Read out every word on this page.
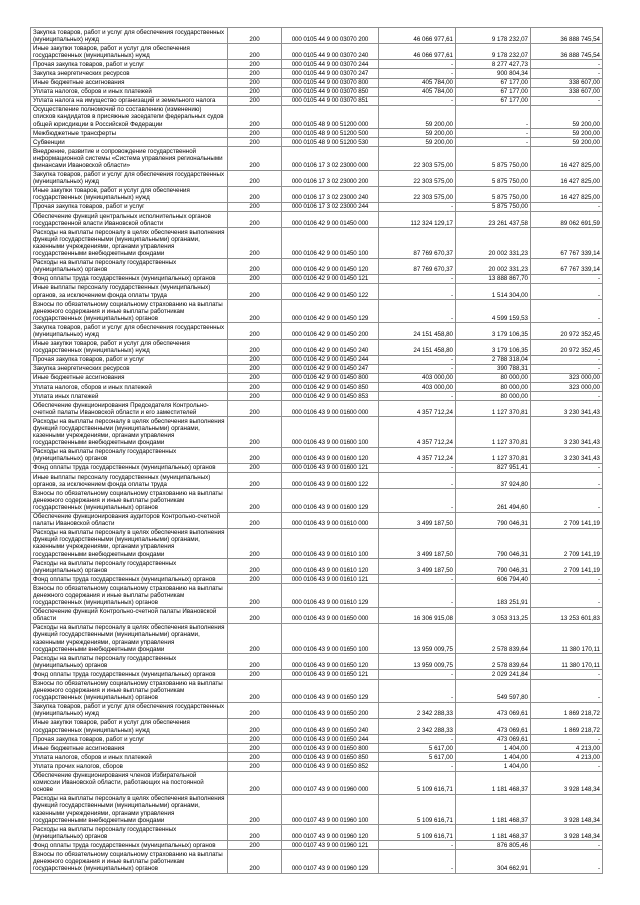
Закупка товаров, работ и услуг для обеспечения государственных (муниципальных) нужд	200	000 0105 44 9 00 03070 200	46 066 977,61	9 178 232,07	36 888 745,54
Иные закупки товаров, работ и услуг для обеспечения государственных (муниципальных) нужд	200	000 0105 44 9 00 03070 240	46 066 977,61	9 178 232,07	36 888 745,54
Прочая закупка товаров, работ и услуг	200	000 0105 44 9 00 03070 244	-	8 277 427,73	-
Закупка энергетических ресурсов	200	000 0105 44 9 00 03070 247	-	900 804,34	-
Иные бюджетные ассигнования	200	000 0105 44 9 00 03070 800	405 784,00	67 177,00	338 607,00
Уплата налогов, сборов и иных платежей	200	000 0105 44 9 00 03070 850	405 784,00	67 177,00	338 607,00
Уплата налога на имущество организаций и земельного налога	200	000 0105 44 9 00 03070 851	-	67 177,00	-
Осуществление полномочий по составлению (изменению) списков кандидатов в присяжные заседатели федеральных судов общей юрисдикции в Российской Федерации	200	000 0105 48 9 00 51200 000	59 200,00	-	59 200,00
Межбюджетные трансферты	200	000 0105 48 9 00 51200 500	59 200,00	-	59 200,00
Субвенции	200	000 0105 48 9 00 51200 530	59 200,00	-	59 200,00
Внедрение, развитие и сопровождение государственной информационной системы «Система управления региональными финансами Ивановской области»	200	000 0106 17 3 02 23000 000	22 303 575,00	5 875 750,00	16 427 825,00
Закупка товаров, работ и услуг для обеспечения государственных (муниципальных) нужд	200	000 0106 17 3 02 23000 200	22 303 575,00	5 875 750,00	16 427 825,00
Иные закупки товаров, работ и услуг для обеспечения государственных (муниципальных) нужд	200	000 0106 17 3 02 23000 240	22 303 575,00	5 875 750,00	16 427 825,00
Прочая закупка товаров, работ и услуг	200	000 0106 17 3 02 23000 244	-	5 875 750,00	-
Обеспечение функций центральных исполнительных органов государственной власти Ивановской области	200	000 0106 42 9 00 01450 000	112 324 129,17	23 261 437,58	89 062 691,59
Расходы на выплаты персоналу в целях обеспечения выполнения функций государственными (муниципальными) органами, казенными учреждениями, органами управления государственными внебюджетными фондами	200	000 0106 42 9 00 01450 100	87 769 670,37	20 002 331,23	67 767 339,14
Расходы на выплаты персоналу государственных (муниципальных) органов	200	000 0106 42 9 00 01450 120	87 769 670,37	20 002 331,23	67 767 339,14
Фонд оплаты труда государственных (муниципальных) органов	200	000 0106 42 9 00 01450 121	-	13 888 867,70	-
Иные выплаты персоналу государственных (муниципальных) органов, за исключением фонда оплаты труда	200	000 0106 42 9 00 01450 122	-	1 514 304,00	-
Взносы по обязательному социальному страхованию на выплаты денежного содержания и иные выплаты работникам государственных (муниципальных) органов	200	000 0106 42 9 00 01450 129	-	4 599 159,53	-
Закупка товаров, работ и услуг для обеспечения государственных (муниципальных) нужд	200	000 0106 42 9 00 01450 200	24 151 458,80	3 179 106,35	20 972 352,45
Иные закупки товаров, работ и услуг для обеспечения государственных (муниципальных) нужд	200	000 0106 42 9 00 01450 240	24 151 458,80	3 179 106,35	20 972 352,45
Прочая закупка товаров, работ и услуг	200	000 0106 42 9 00 01450 244	-	2 788 318,04	-
Закупка энергетических ресурсов	200	000 0106 42 9 00 01450 247	-	390 788,31	-
Иные бюджетные ассигнования	200	000 0106 42 9 00 01450 800	403 000,00	80 000,00	323 000,00
Уплата налогов, сборов и иных платежей	200	000 0106 42 9 00 01450 850	403 000,00	80 000,00	323 000,00
Уплата иных платежей	200	000 0106 42 9 00 01450 853	-	80 000,00	-
Обеспечение функционирования Председателя Контрольно-счетной палаты Ивановской области и его заместителей	200	000 0106 43 9 00 01600 000	4 357 712,24	1 127 370,81	3 230 341,43
Расходы на выплаты персоналу в целях обеспечения выполнения функций государственными (муниципальными) органами, казенными учреждениями, органами управления государственными внебюджетными фондами	200	000 0106 43 9 00 01600 100	4 357 712,24	1 127 370,81	3 230 341,43
Расходы на выплаты персоналу государственных (муниципальных) органов	200	000 0106 43 9 00 01600 120	4 357 712,24	1 127 370,81	3 230 341,43
Фонд оплаты труда государственных (муниципальных) органов	200	000 0106 43 9 00 01600 121	-	827 951,41	-
Иные выплаты персоналу государственных (муниципальных) органов, за исключением фонда оплаты труда	200	000 0106 43 9 00 01600 122	-	37 924,80	-
Взносы по обязательному социальному страхованию на выплаты денежного содержания и иные выплаты работникам государственных (муниципальных) органов	200	000 0106 43 9 00 01600 129	-	261 494,60	-
Обеспечение функционирования аудиторов Контрольно-счетной палаты Ивановской области	200	000 0106 43 9 00 01610 000	3 499 187,50	790 046,31	2 709 141,19
Расходы на выплаты персоналу в целях обеспечения выполнения функций государственными (муниципальными) органами, казенными учреждениями, органами управления государственными внебюджетными фондами	200	000 0106 43 9 00 01610 100	3 499 187,50	790 046,31	2 709 141,19
Расходы на выплаты персоналу государственных (муниципальных) органов	200	000 0106 43 9 00 01610 120	3 499 187,50	790 046,31	2 709 141,19
Фонд оплаты труда государственных (муниципальных) органов	200	000 0106 43 9 00 01610 121	-	606 794,40	-
Взносы по обязательному социальному страхованию на выплаты денежного содержания и иные выплаты работникам государственных (муниципальных) органов	200	000 0106 43 9 00 01610 129	-	183 251,91	-
Обеспечение функций Контрольно-счетной палаты Ивановской области	200	000 0106 43 9 00 01650 000	16 306 915,08	3 053 313,25	13 253 601,83
Расходы на выплаты персоналу в целях обеспечения выполнения функций государственными (муниципальными) органами, казенными учреждениями, органами управления государственными внебюджетными фондами	200	000 0106 43 9 00 01650 100	13 959 009,75	2 578 839,64	11 380 170,11
Расходы на выплаты персоналу государственных (муниципальных) органов	200	000 0106 43 9 00 01650 120	13 959 009,75	2 578 839,64	11 380 170,11
Фонд оплаты труда государственных (муниципальных) органов	200	000 0106 43 9 00 01650 121	-	2 029 241,84	-
Взносы по обязательному социальному страхованию на выплаты денежного содержания и иные выплаты работникам государственных (муниципальных) органов	200	000 0106 43 9 00 01650 129	-	549 597,80	-
Закупка товаров, работ и услуг для обеспечения государственных (муниципальных) нужд	200	000 0106 43 9 00 01650 200	2 342 288,33	473 069,61	1 869 218,72
Иные закупки товаров, работ и услуг для обеспечения государственных (муниципальных) нужд	200	000 0106 43 9 00 01650 240	2 342 288,33	473 069,61	1 869 218,72
Прочая закупка товаров, работ и услуг	200	000 0106 43 9 00 01650 244	-	473 069,61	-
Иные бюджетные ассигнования	200	000 0106 43 9 00 01650 800	5 617,00	1 404,00	4 213,00
Уплата налогов, сборов и иных платежей	200	000 0106 43 9 00 01650 850	5 617,00	1 404,00	4 213,00
Уплата прочих налогов, сборов	200	000 0106 43 9 00 01650 852	-	1 404,00	-
Обеспечение функционирования членов Избирательной комиссии Ивановской области, работающих на постоянной основе	200	000 0107 43 9 00 01960 000	5 109 616,71	1 181 468,37	3 928 148,34
Расходы на выплаты персоналу в целях обеспечения выполнения функций государственными (муниципальными) органами, казенными учреждениями, органами управления государственными внебюджетными фондами	200	000 0107 43 9 00 01960 100	5 109 616,71	1 181 468,37	3 928 148,34
Расходы на выплаты персоналу государственных (муниципальных) органов	200	000 0107 43 9 00 01960 120	5 109 616,71	1 181 468,37	3 928 148,34
Фонд оплаты труда государственных (муниципальных) органов	200	000 0107 43 9 00 01960 121	-	876 805,46	-
Взносы по обязательному социальному страхованию на выплаты денежного содержания и иные выплаты работникам государственных (муниципальных) органов	200	000 0107 43 9 00 01960 129	-	304 662,91	-
